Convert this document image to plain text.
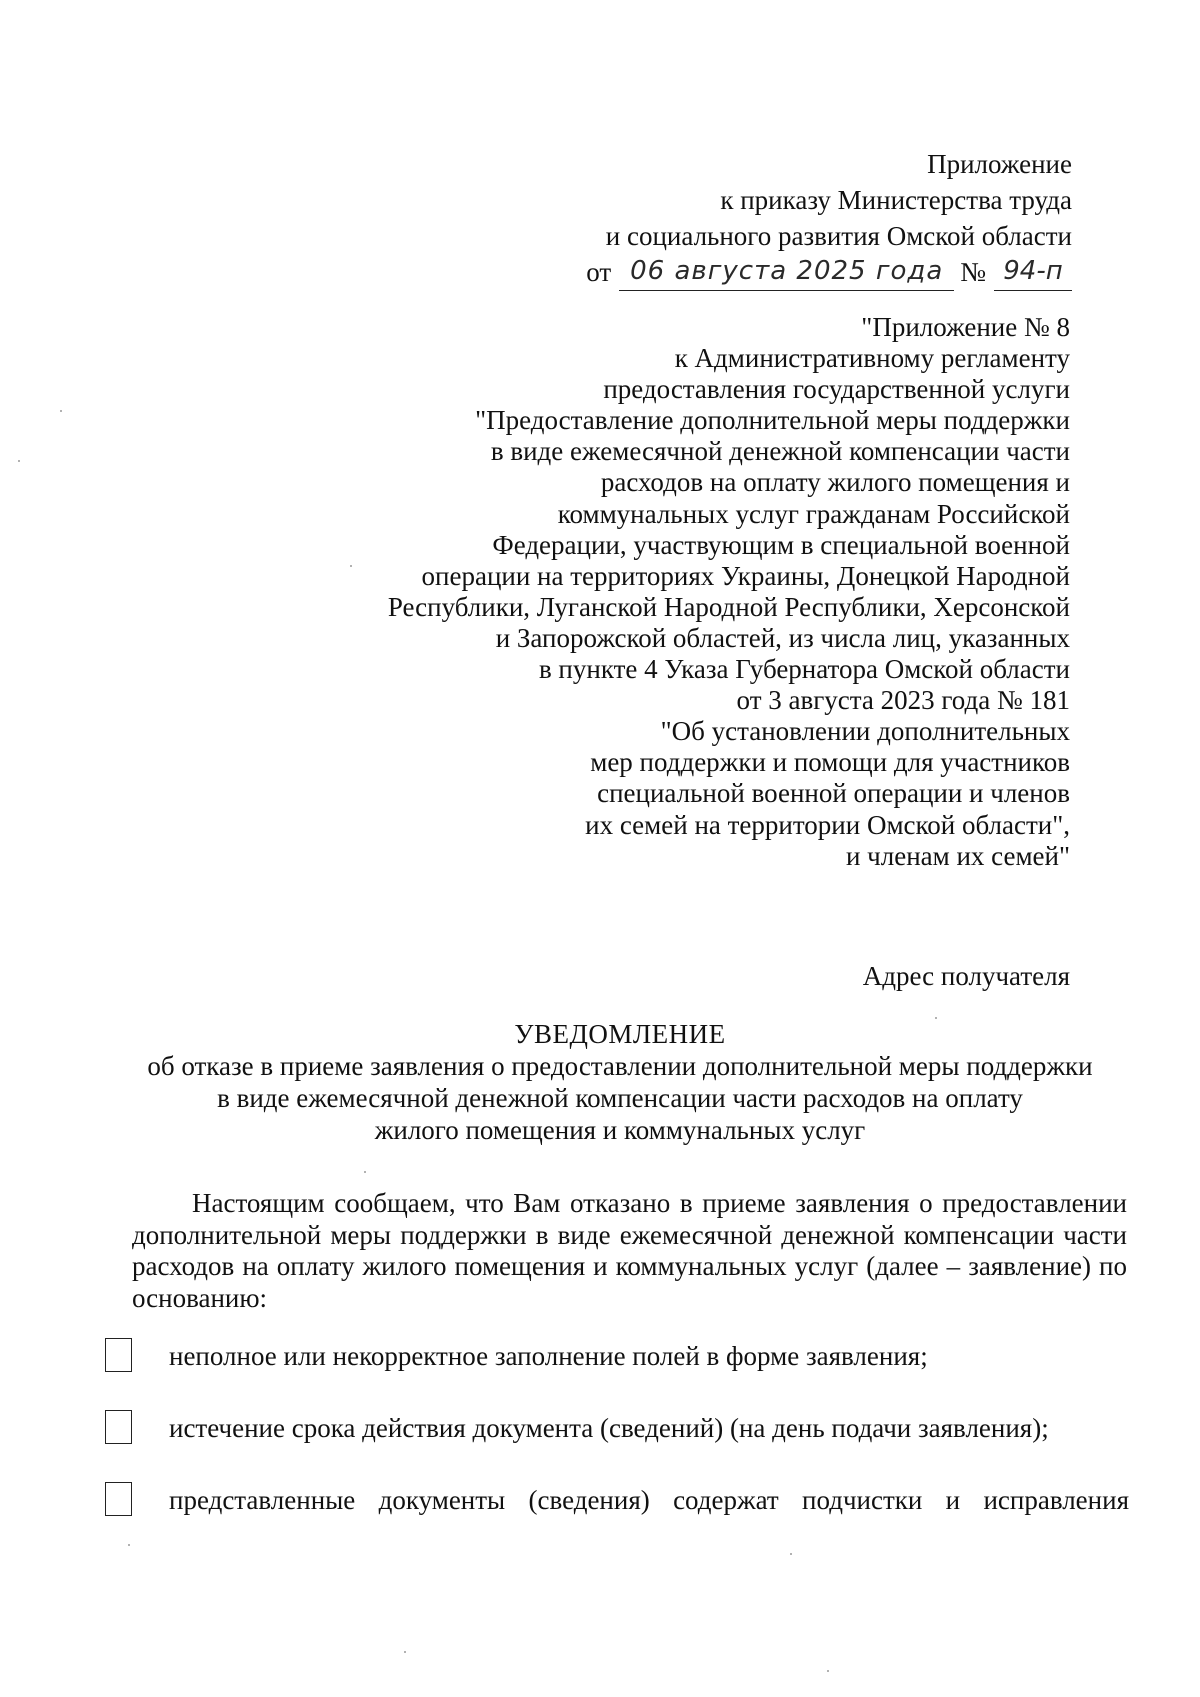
Приложение
к приказу Министерства труда
и социального развития Омской области
от 06 августа 2025 года № 94-п
"Приложение № 8
к Административному регламенту
предоставления государственной услуги
"Предоставление дополнительной меры поддержки
в виде ежемесячной денежной компенсации части
расходов на оплату жилого помещения и
коммунальных услуг гражданам Российской
Федерации, участвующим в специальной военной
операции на территориях Украины, Донецкой Народной
Республики, Луганской Народной Республики, Херсонской
и Запорожской областей, из числа лиц, указанных
в пункте 4 Указа Губернатора Омской области
от 3 августа 2023 года № 181
"Об установлении дополнительных
мер поддержки и помощи для участников
специальной военной операции и членов
их семей на территории Омской области",
и членам их семей"
Адрес получателя
УВЕДОМЛЕНИЕ
об отказе в приеме заявления о предоставлении дополнительной меры поддержки
в виде ежемесячной денежной компенсации части расходов на оплату
жилого помещения и коммунальных услуг
Настоящим сообщаем, что Вам отказано в приеме заявления о предоставлении дополнительной меры поддержки в виде ежемесячной денежной компенсации части расходов на оплату жилого помещения и коммунальных услуг (далее – заявление) по основанию:
неполное или некорректное заполнение полей в форме заявления;
истечение срока действия документа (сведений) (на день подачи заявления);
представленные документы (сведения) содержат подчистки и исправления
